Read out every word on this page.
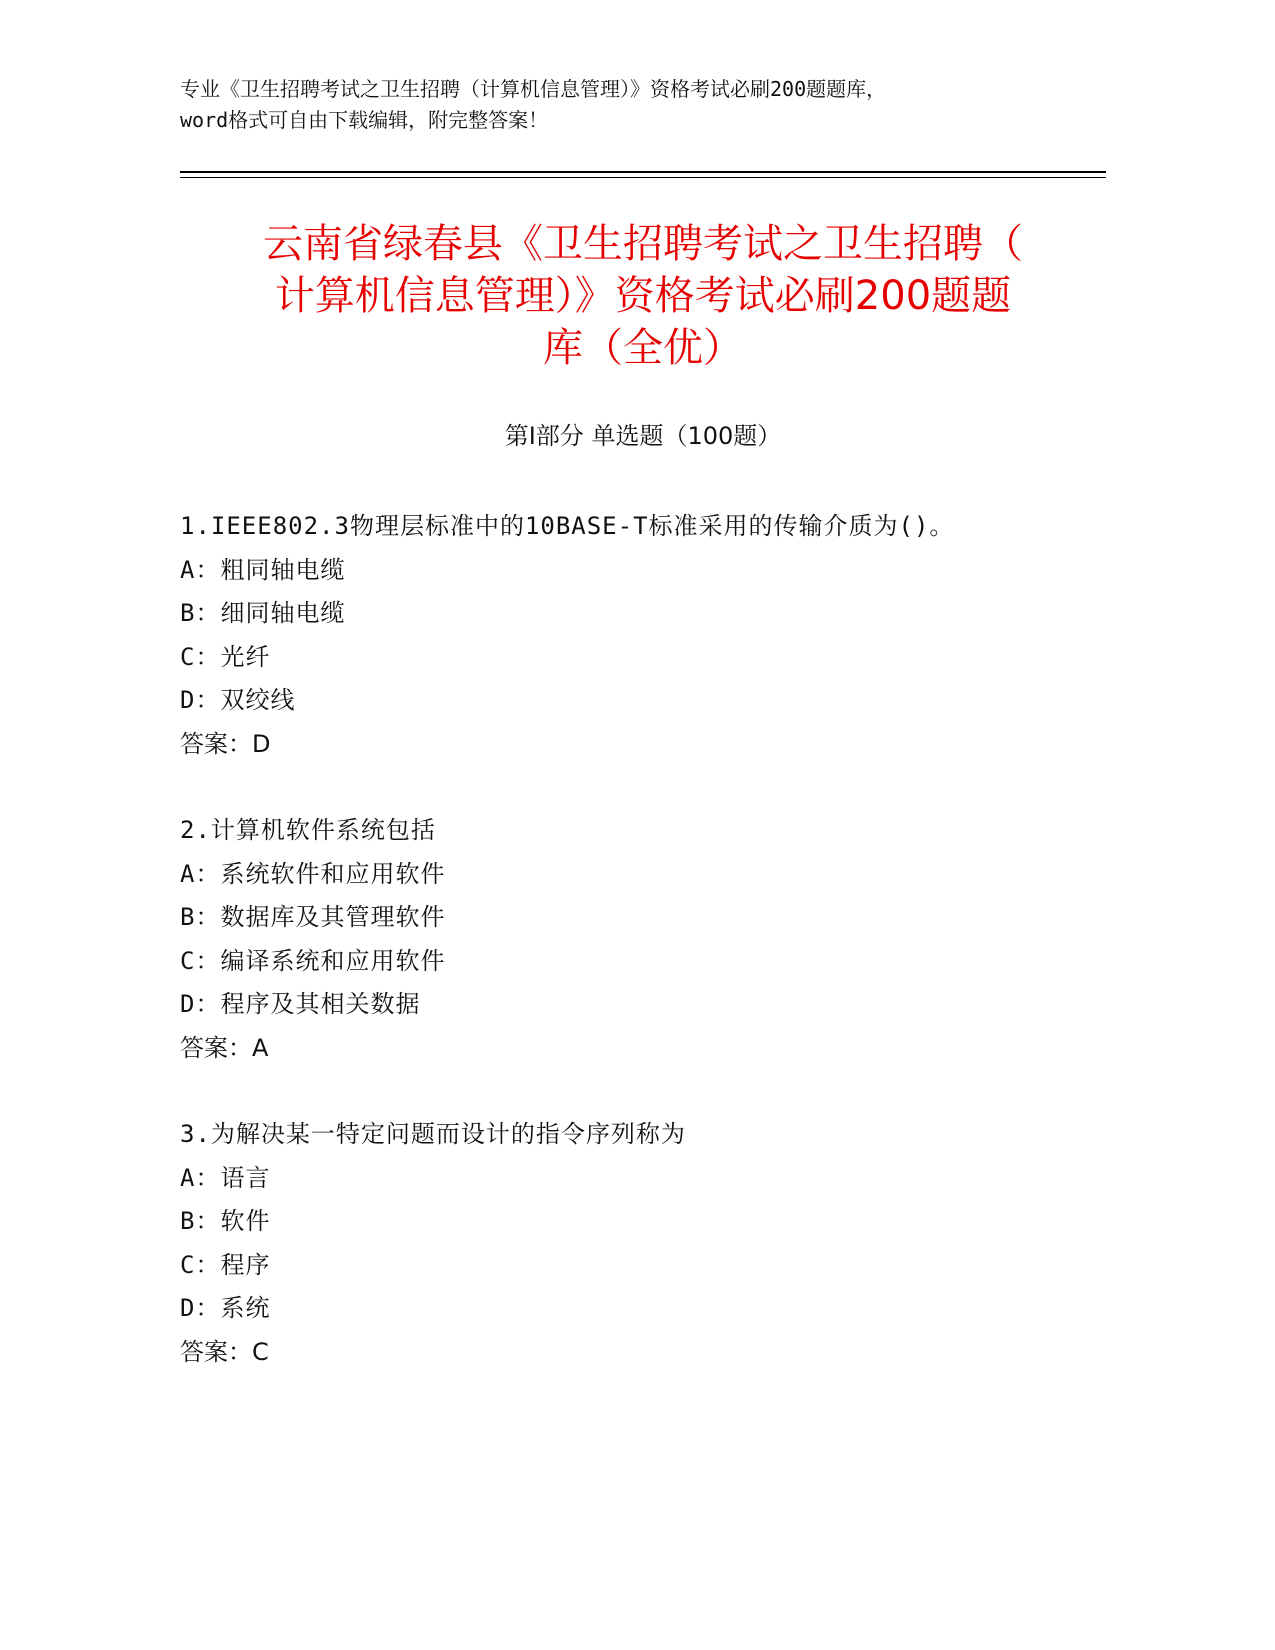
专业《卫生招聘考试之卫生招聘（计算机信息管理）》资格考试必刷200题题库，
word格式可自由下载编辑，附完整答案！
云南省绿春县《卫生招聘考试之卫生招聘（
计算机信息管理）》资格考试必刷200题题
库（全优）
第Ⅰ部分 单选题（100题）
1.IEEE802.3物理层标准中的10BASE-T标准采用的传输介质为()。
A：粗同轴电缆
B：细同轴电缆
C：光纤
D：双绞线
答案：D
2.计算机软件系统包括
A：系统软件和应用软件
B：数据库及其管理软件
C：编译系统和应用软件
D：程序及其相关数据
答案：A
3.为解决某一特定问题而设计的指令序列称为
A：语言
B：软件
C：程序
D：系统
答案：C
